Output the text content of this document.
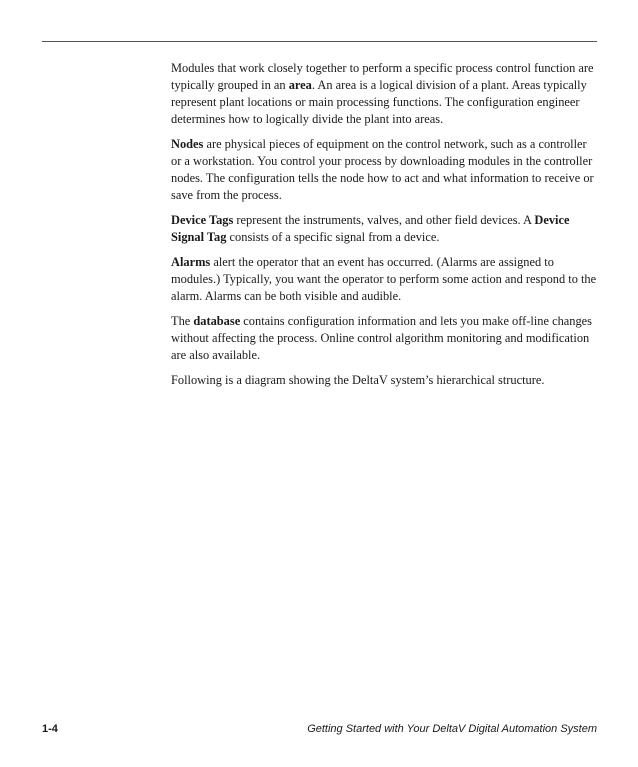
Modules that work closely together to perform a specific process control function are typically grouped in an area. An area is a logical division of a plant. Areas typically represent plant locations or main processing functions. The configuration engineer determines how to logically divide the plant into areas.

Nodes are physical pieces of equipment on the control network, such as a controller or a workstation. You control your process by downloading modules in the controller nodes. The configuration tells the node how to act and what information to receive or save from the process.

Device Tags represent the instruments, valves, and other field devices. A Device Signal Tag consists of a specific signal from a device.

Alarms alert the operator that an event has occurred. (Alarms are assigned to modules.) Typically, you want the operator to perform some action and respond to the alarm. Alarms can be both visible and audible.

The database contains configuration information and lets you make off-line changes without affecting the process. Online control algorithm monitoring and modification are also available.

Following is a diagram showing the DeltaV system’s hierarchical structure.

1-4	Getting Started with Your DeltaV Digital Automation System
